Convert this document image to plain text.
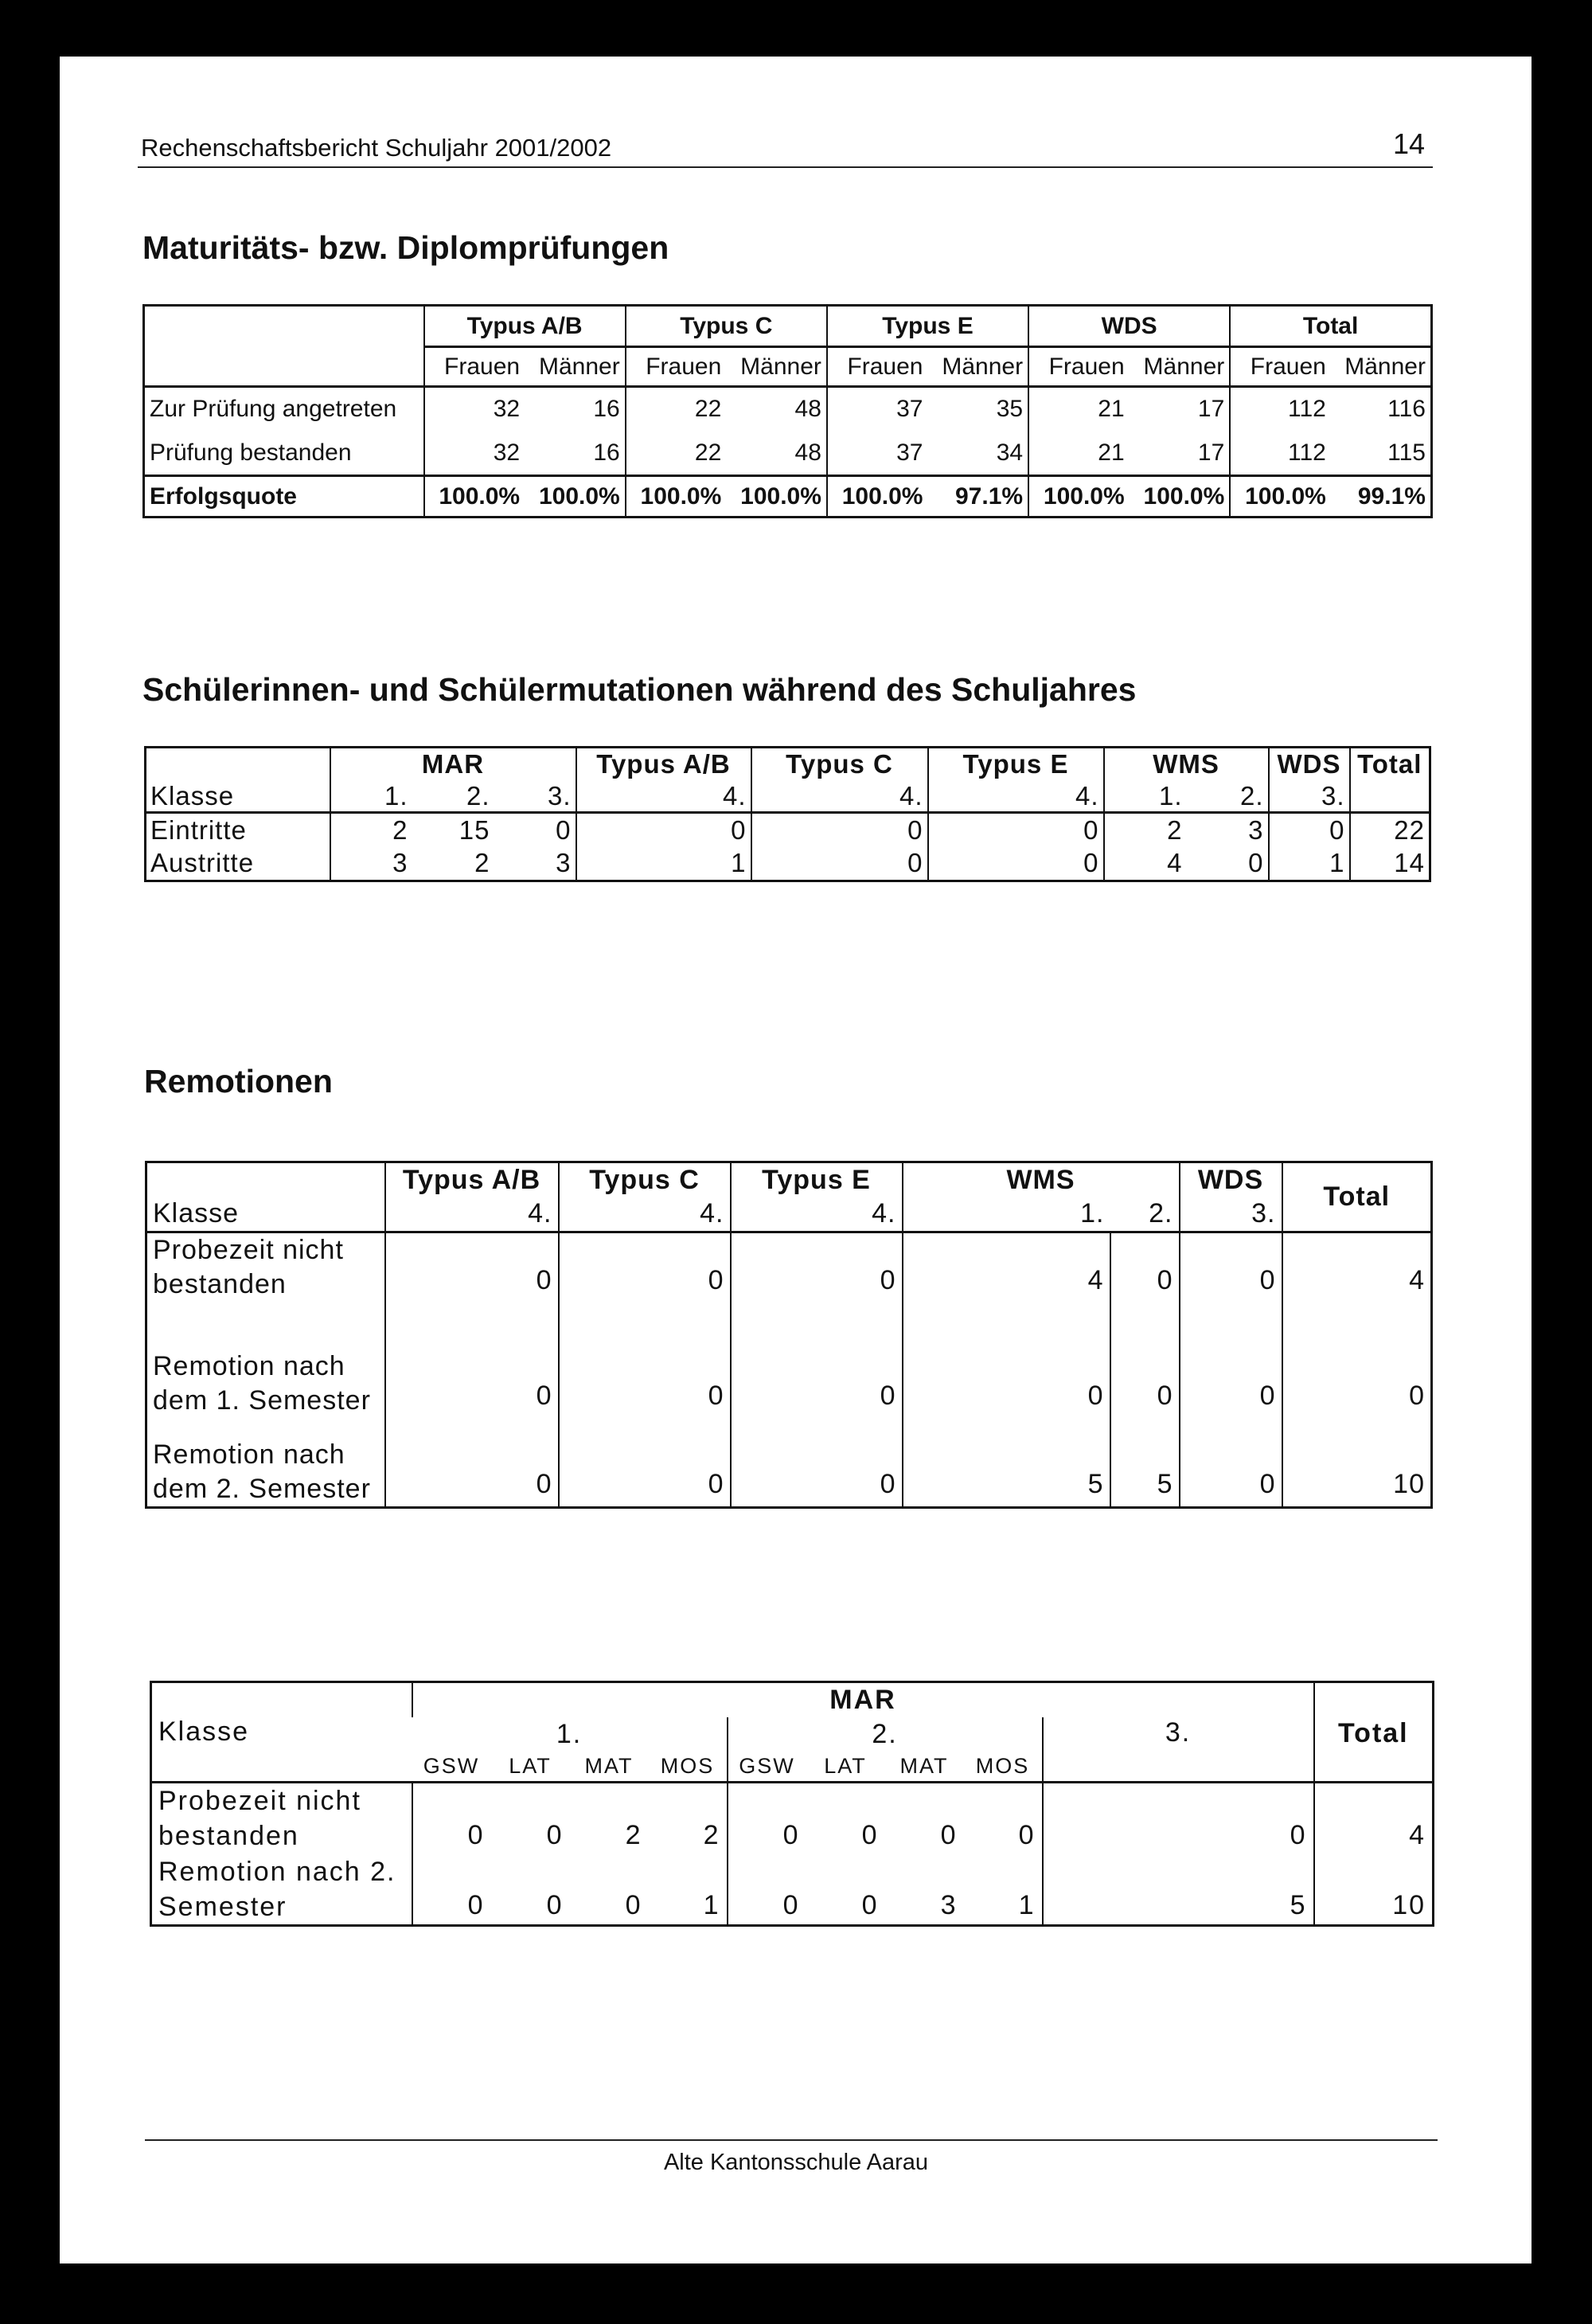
Rechenschaftsbericht Schuljahr 2001/2002	14
Maturitäts- bzw. Diplomprüfungen
	Typus A/B		Typus C		Typus E		WDS		Total	
	Frauen	Männer	Frauen	Männer	Frauen	Männer	Frauen	Männer	Frauen	Männer
Zur Prüfung angetreten	32	16	22	48	37	35	21	17	112	116
Prüfung bestanden	32	16	22	48	37	34	21	17	112	115
Erfolgsquote	100.0%	100.0%	100.0%	100.0%	100.0%	97.1%	100.0%	100.0%	100.0%	99.1%
Schülerinnen- und Schülermutationen während des Schuljahres
	MAR			Typus A/B	Typus C	Typus E	WMS		WDS	Total
Klasse	1.	2.	3.	4.	4.	4.	1.	2.	3.	
Eintritte	2	15	0	0	0	0	2	3	0	22
Austritte	3	2	3	1	0	0	4	0	1	14
Remotionen
	Typus A/B	Typus C	Typus E	WMS		WDS	Total
Klasse	4.	4.	4.	1.	2.	3.	

Probezeit nicht
bestanden	0	0	0	4	0	0	4

Remotion nach
dem 1. Semester	0	0	0	0	0	0	0

Remotion nach
dem 2. Semester	0	0	0	5	5	0	10
Klasse	MAR									Total
	1.				2.				3.	
	GSW	LAT	MAT	MOS	GSW	LAT	MAT	MOS		

Probezeit nicht
bestanden	0	0	2	2	0	0	0	0	0	4

Remotion nach 2.
Semester	0	0	0	1	0	0	3	1	5	10
Alte Kantonsschule Aarau
